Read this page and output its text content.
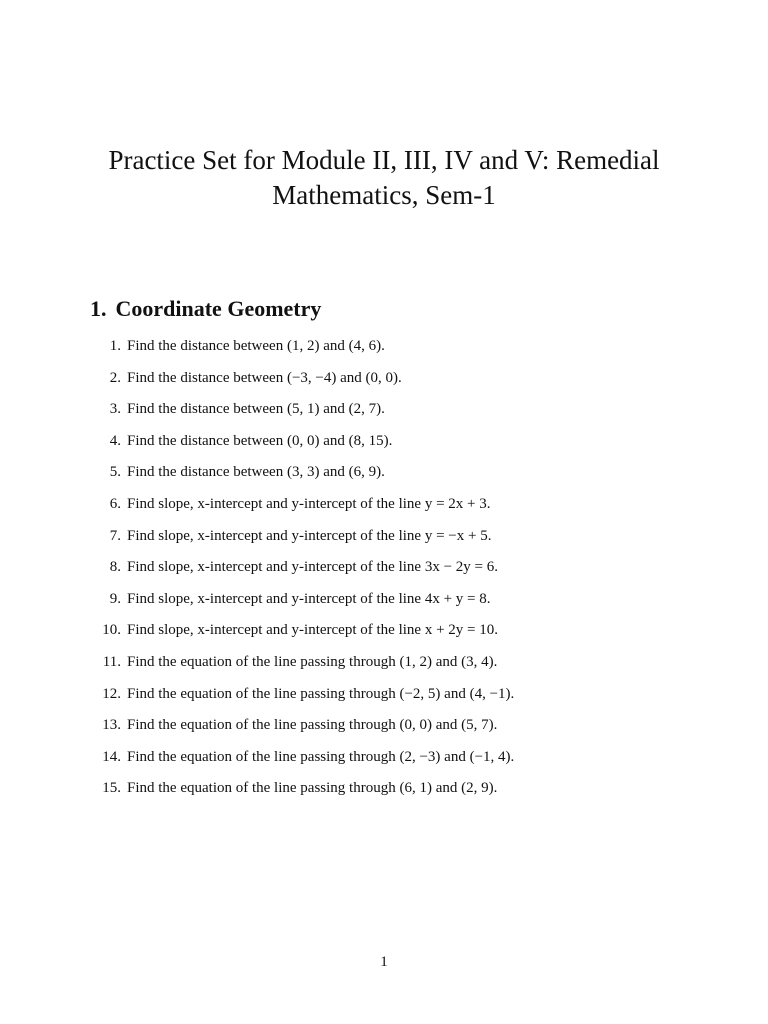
Practice Set for Module II, III, IV and V: Remedial
Mathematics, Sem-1
1. Coordinate Geometry
1. Find the distance between (1, 2) and (4, 6).
2. Find the distance between (−3, −4) and (0, 0).
3. Find the distance between (5, 1) and (2, 7).
4. Find the distance between (0, 0) and (8, 15).
5. Find the distance between (3, 3) and (6, 9).
6. Find slope, x-intercept and y-intercept of the line y = 2x + 3.
7. Find slope, x-intercept and y-intercept of the line y = −x + 5.
8. Find slope, x-intercept and y-intercept of the line 3x − 2y = 6.
9. Find slope, x-intercept and y-intercept of the line 4x + y = 8.
10. Find slope, x-intercept and y-intercept of the line x + 2y = 10.
11. Find the equation of the line passing through (1, 2) and (3, 4).
12. Find the equation of the line passing through (−2, 5) and (4, −1).
13. Find the equation of the line passing through (0, 0) and (5, 7).
14. Find the equation of the line passing through (2, −3) and (−1, 4).
15. Find the equation of the line passing through (6, 1) and (2, 9).
1
